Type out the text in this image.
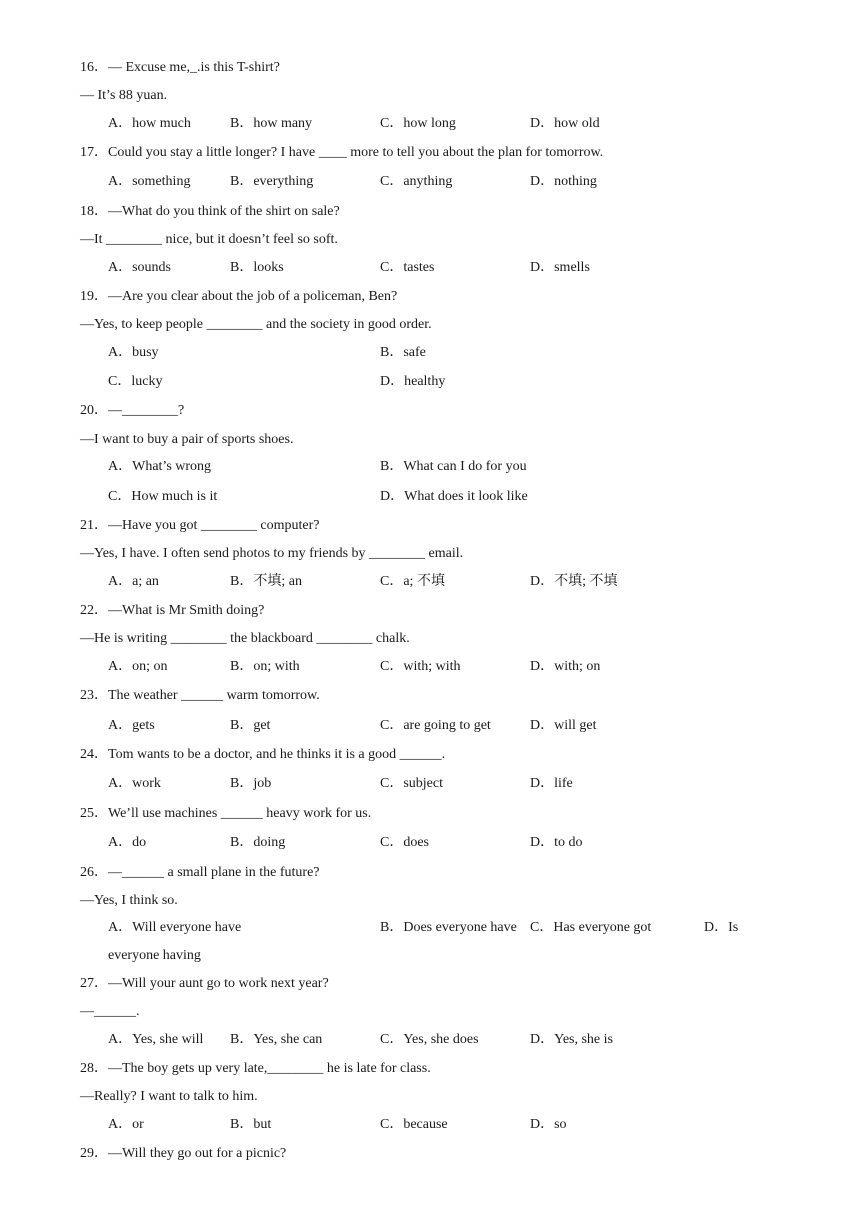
16．— Excuse me,_.is this T-shirt?
— It’s 88 yuan.
A．how much	B．how many	C．how long	D．how old
17．Could you stay a little longer? I have ____ more to tell you about the plan for tomorrow.
A．something	B．everything	C．anything	D．nothing
18．—What do you think of the shirt on sale?
—It ________ nice, but it doesn’t feel so soft.
A．sounds	B．looks	C．tastes	D．smells
19．—Are you clear about the job of a policeman, Ben?
—Yes, to keep people ________ and the society in good order.
A．busy	B．safe
C．lucky	D．healthy
20．—________?
—I want to buy a pair of sports shoes.
A．What’s wrong	B．What can I do for you
C．How much is it	D．What does it look like
21．—Have you got ________ computer?
—Yes, I have. I often send photos to my friends by ________ email.
A．a; an	B．不填; an	C．a; 不填	D．不填; 不填
22．—What is Mr Smith doing?
—He is writing ________ the blackboard ________ chalk.
A．on; on	B．on; with	C．with; with	D．with; on
23．The weather ______ warm tomorrow.
A．gets	B．get	C．are going to get	D．will get
24．Tom wants to be a doctor, and he thinks it is a good ______.
A．work	B．job	C．subject	D．life
25．We’ll use machines ______ heavy work for us.
A．do	B．doing	C．does	D．to do
26．—______ a small plane in the future?
—Yes, I think so.
A．Will everyone have	B．Does everyone have C．Has everyone got	D．Is
everyone having
27．—Will your aunt go to work next year?
—______.
A．Yes, she will B．Yes, she can	C．Yes, she does	D．Yes, she is
28．—The boy gets up very late,________ he is late for class.
—Really? I want to talk to him.
A．or	B．but	C．because	D．so
29．—Will they go out for a picnic?
